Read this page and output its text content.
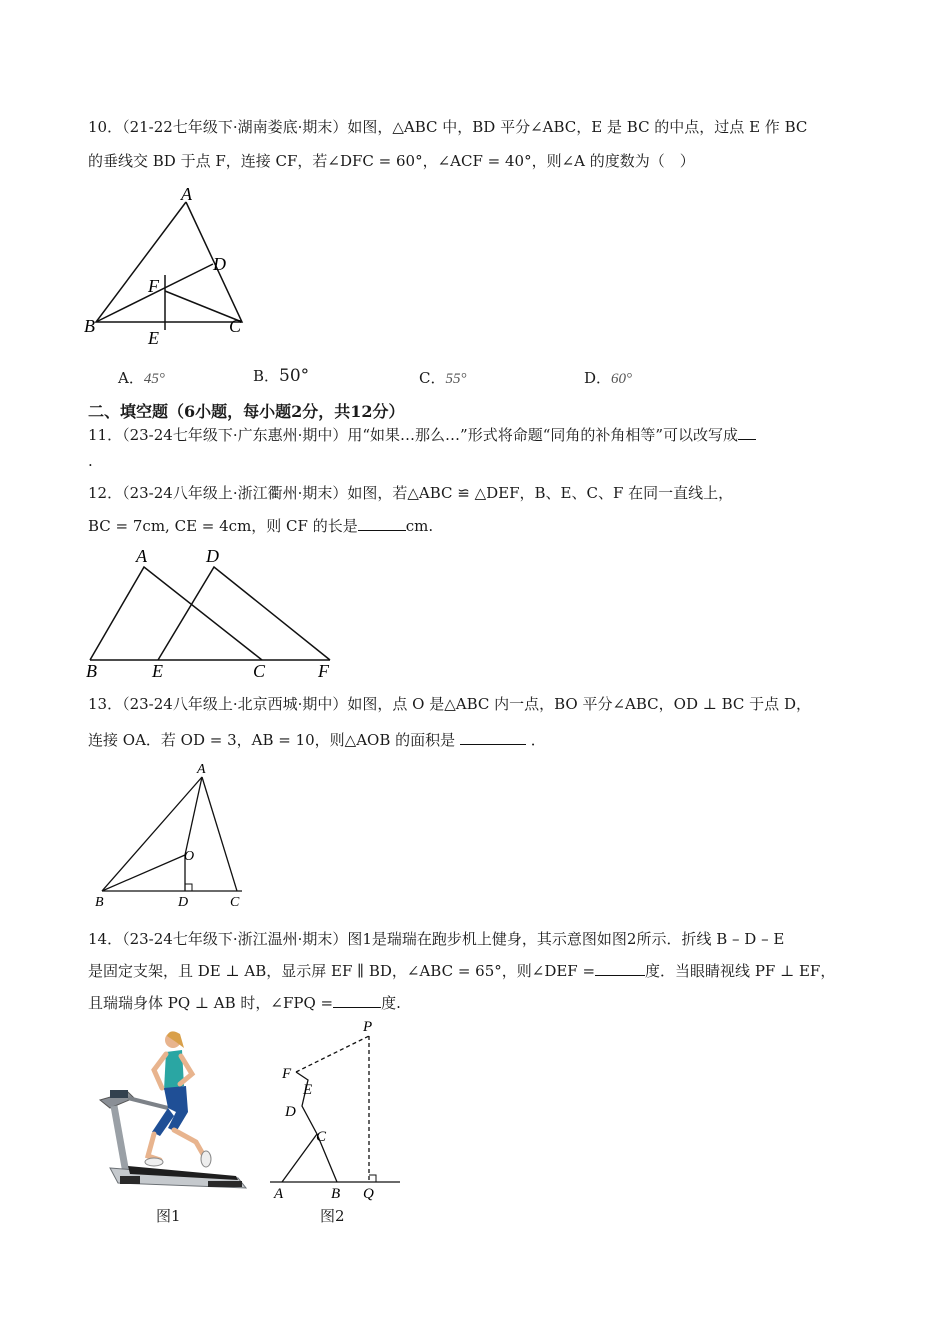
10．（21-22七年级下·湖南娄底·期末）如图，△ABC 中，BD 平分∠ABC，E 是 BC 的中点，过点 E 作 BC
的垂线交 BD 于点 F，连接 CF，若∠DFC = 60°，∠ACF = 40°，则∠A 的度数为（　）
A
B	C
D
E
F
A．45°	B．50°	C．55°	D．60°
二、填空题（6小题，每小题2分，共12分）
11．（23-24七年级下·广东惠州·期中）用“如果…那么…”形式将命题“同角的补角相等”可以改写成
.
12．（23-24八年级上·浙江衢州·期末）如图，若△ABC ≌ △DEF，B、E、C、F 在同一直线上，
BC = 7cm, CE = 4cm，则 CF 的长是	cm.
A	D
B	E	C	F
13．（23-24八年级上·北京西城·期中）如图，点 O 是△ABC 内一点，BO 平分∠ABC，OD ⊥ BC 于点 D，
连接 OA．若 OD = 3，AB = 10，则△AOB 的面积是	．
A
O
B	D	C
14．（23-24七年级下·浙江温州·期末）图1是瑞瑞在跑步机上健身，其示意图如图2所示．折线 B – D – E
是固定支架，且 DE ⊥ AB，显示屏 EF ∥ BD，∠ABC = 65°，则∠DEF =	度．当眼睛视线 PF ⊥ EF，
且瑞瑞身体 PQ ⊥ AB 时，∠FPQ =	度.
图1
P
F
E
D
C
A	B Q
图2
